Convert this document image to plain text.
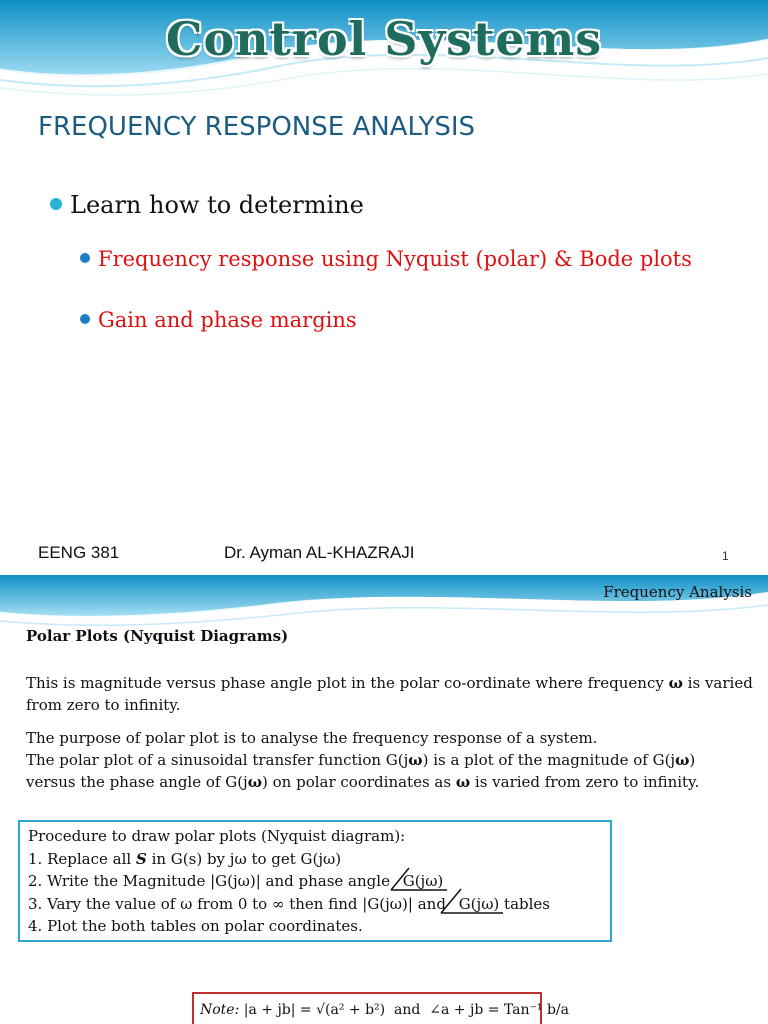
Control Systems
FREQUENCY RESPONSE ANALYSIS
Learn how to determine
Frequency response using Nyquist (polar) & Bode plots
Gain and phase margins
EENG 381	Dr. Ayman AL-KHAZRAJI	1
Frequency Analysis
Polar Plots (Nyquist Diagrams)
This is magnitude versus phase angle plot in the polar co-ordinate where frequency ω is varied from zero to infinity.
The purpose of polar plot is to analyse the frequency response of a system.
The polar plot of a sinusoidal transfer function G(jω) is a plot of the magnitude of G(jω)
versus the phase angle of G(jω) on polar coordinates as ω is varied from zero to infinity.
Procedure to draw polar plots (Nyquist diagram):
1. Replace all S in G(s) by jω to get G(jω)
2. Write the Magnitude |G(jω)| and phase angle
G(jω)
3. Vary the value of ω from 0 to ∞ then find |G(jω)| and
G(jω) tables
4. Plot the both tables on polar coordinates.
Note: |a + jb| = √(a² + b²) and ∠a + jb = Tan⁻¹ b/a
